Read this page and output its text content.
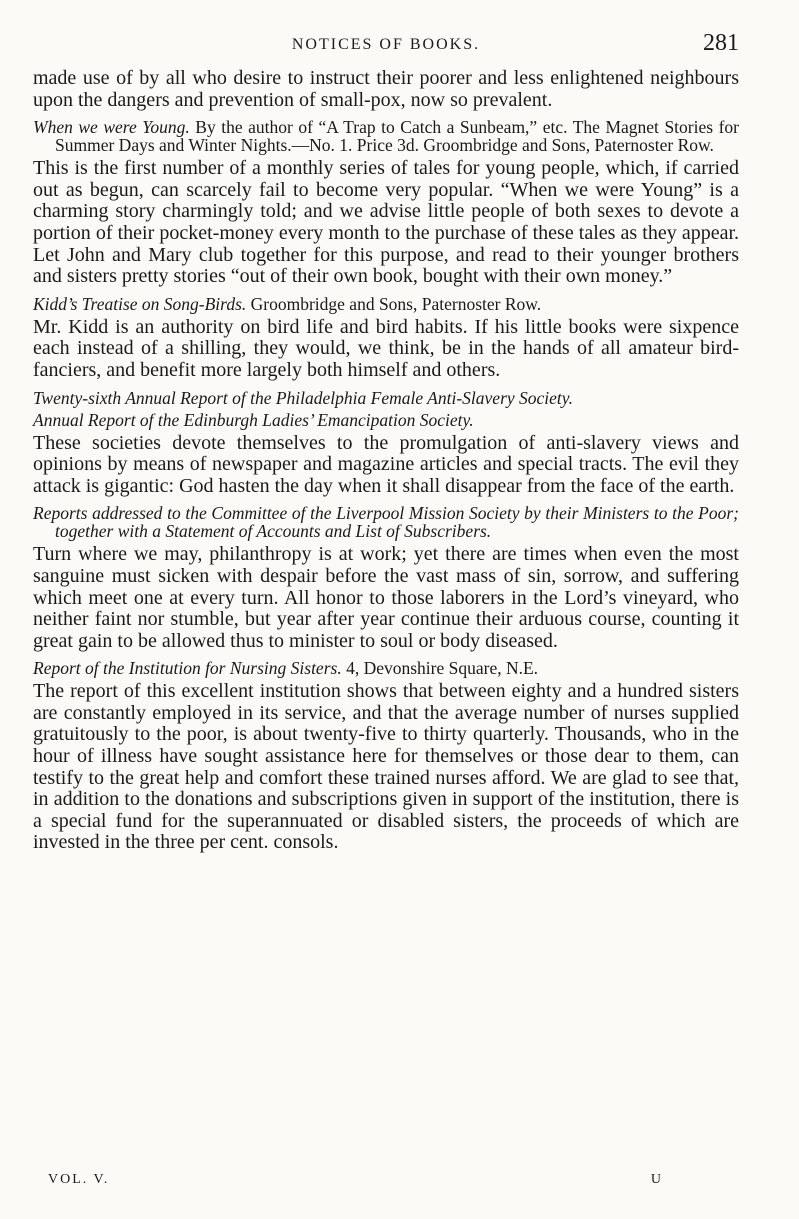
NOTICES OF BOOKS.	281

made use of by all who desire to instruct their poorer and less enlightened neighbours upon the dangers and prevention of small-pox, now so prevalent.

When we were Young. By the author of “A Trap to Catch a Sunbeam,” etc. The Magnet Stories for Summer Days and Winter Nights.—No. 1. Price 3d. Groombridge and Sons, Paternoster Row.

This is the first number of a monthly series of tales for young people, which, if carried out as begun, can scarcely fail to become very popular. “When we were Young” is a charming story charmingly told; and we advise little people of both sexes to devote a portion of their pocket-money every month to the purchase of these tales as they appear. Let John and Mary club together for this purpose, and read to their younger brothers and sisters pretty stories “out of their own book, bought with their own money.”

Kidd’s Treatise on Song-Birds. Groombridge and Sons, Paternoster Row.

Mr. Kidd is an authority on bird life and bird habits. If his little books were sixpence each instead of a shilling, they would, we think, be in the hands of all amateur bird-fanciers, and benefit more largely both himself and others.

Twenty-sixth Annual Report of the Philadelphia Female Anti-Slavery Society.

Annual Report of the Edinburgh Ladies’ Emancipation Society.

These societies devote themselves to the promulgation of anti-slavery views and opinions by means of newspaper and magazine articles and special tracts. The evil they attack is gigantic: God hasten the day when it shall disappear from the face of the earth.

Reports addressed to the Committee of the Liverpool Mission Society by their Ministers to the Poor; together with a Statement of Accounts and List of Subscribers.

Turn where we may, philanthropy is at work; yet there are times when even the most sanguine must sicken with despair before the vast mass of sin, sorrow, and suffering which meet one at every turn. All honor to those laborers in the Lord’s vineyard, who neither faint nor stumble, but year after year continue their arduous course, counting it great gain to be allowed thus to minister to soul or body diseased.

Report of the Institution for Nursing Sisters. 4, Devonshire Square, N.E.

The report of this excellent institution shows that between eighty and a hundred sisters are constantly employed in its service, and that the average number of nurses supplied gratuitously to the poor, is about twenty-five to thirty quarterly. Thousands, who in the hour of illness have sought assistance here for themselves or those dear to them, can testify to the great help and comfort these trained nurses afford. We are glad to see that, in addition to the donations and subscriptions given in support of the institution, there is a special fund for the superannuated or disabled sisters, the proceeds of which are invested in the three per cent. consols.

VOL. V.	U
